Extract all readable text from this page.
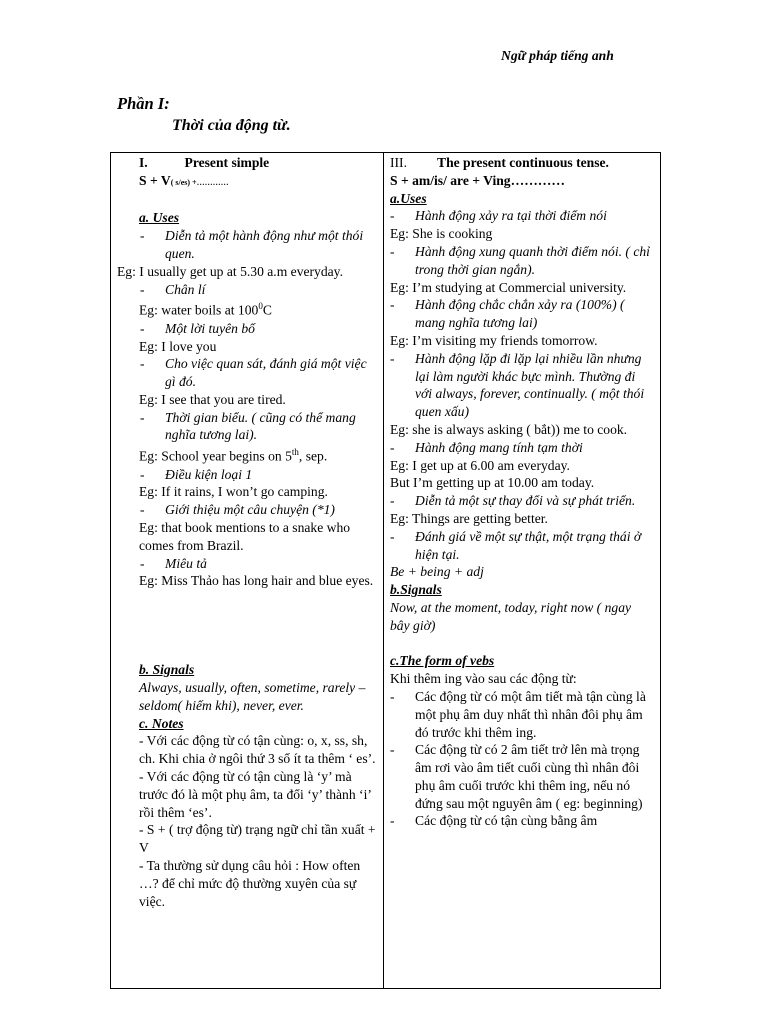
Ngữ pháp tiếng anh
Phần I:
Thời của động từ.
I.	Present simple
S + V( s/es) +…………
a. Uses
-	Diễn tả một hành động như một thói quen.
Eg: I usually get up at 5.30 a.m everyday.
-	Chân lí
Eg: water boils at $100^0C$
-	Một lời tuyên bố
Eg: I love you
-	Cho việc quan sát, đánh giá một việc gì đó.
Eg: I see that you are tired.
-	Thời gian biểu. ( cũng có thể mang nghĩa tương lai).
Eg: School year begins on 5th, sep.
-	Điều kiện loại 1
Eg: If it rains, I won’t go camping.
-	Giới thiệu một câu chuyện (*1)
Eg: that book mentions to a snake who comes from Brazil.
-	Miêu tả
Eg: Miss Thảo has long hair and blue eyes.
b. Signals
Always, usually, often, sometime, rarely – seldom( hiếm khi), never, ever.
c. Notes
- Với các động từ có tận cùng: o, x, ss, sh, ch. Khi chia ở ngôi thứ 3 số ít ta thêm ‘ es’.
- Với các động từ có tận cùng là ‘y’ mà trước đó là một phụ âm, ta đổi ‘y’ thành ‘i’ rồi thêm ‘es’.
- S + ( trợ động từ) trạng ngữ chỉ tần xuất + V
- Ta thường sử dụng câu hỏi : How often …? để chỉ mức độ thường xuyên của sự việc.
III.	The present continuous tense.
S + am/is/ are + Ving…………
a.Uses
-	Hành động xảy ra tại thời điểm nói
Eg: She is cooking
-	Hành động xung quanh thời điểm nói. ( chỉ trong thời gian ngắn).
Eg: I’m studying at Commercial university.
-	Hành động chắc chắn xảy ra (100%) ( mang nghĩa tương lai)
Eg: I’m visiting my friends tomorrow.
-	Hành động lặp đi lặp lại nhiều lần nhưng lại làm người khác bực mình. Thường đi với always, forever, continually. ( một thói quen xấu)
Eg: she is always asking ( bắt)) me to cook.
-	Hành động mang tính tạm thời
Eg: I get up at 6.00 am everyday.
But I’m getting up at 10.00 am today.
-	Diễn tả một sự thay đổi và sự phát triển.
Eg: Things are getting better.
-	Đánh giá về một sự thật, một trạng thái ở hiện tại.
Be + being + adj
b.Signals
Now, at the moment, today, right now ( ngay bây giờ)
c.The form of vebs
Khi thêm ing vào sau các động từ:
-	Các động từ có một âm tiết mà tận cùng là một phụ âm duy nhất thì nhân đôi phụ âm đó trước khi thêm ing.
-	Các động từ có 2 âm tiết trở lên mà trọng âm rơi vào âm tiết cuối cùng thì nhân đôi phụ âm cuối trước khi thêm ing, nếu nó đứng sau một nguyên âm ( eg: beginning)
-	Các động từ có tận cùng bằng âm
